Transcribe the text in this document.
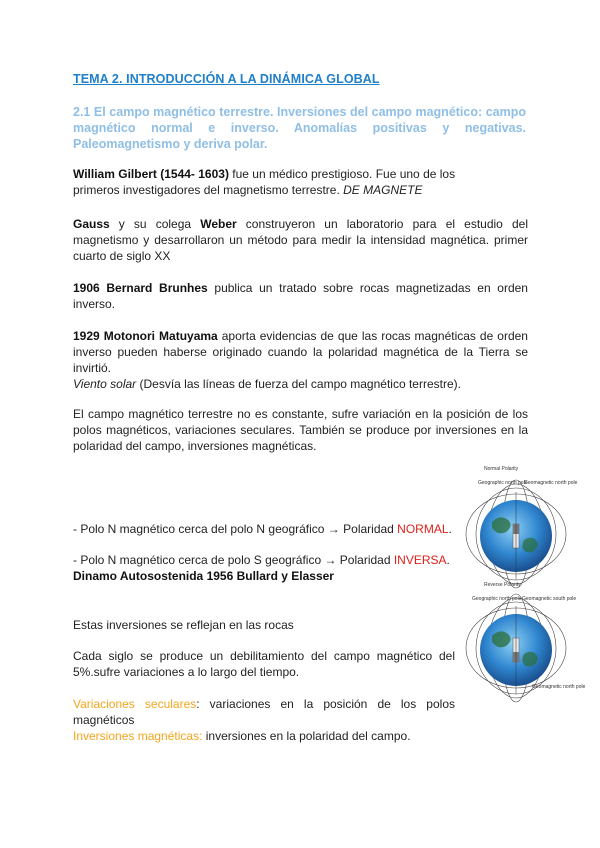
TEMA 2. INTRODUCCIÓN A LA DINÁMICA GLOBAL
2.1 El campo magnético terrestre. Inversiones del campo magnético: campo magnético normal e inverso. Anomalías positivas y negativas. Paleomagnetismo y deriva polar.
William Gilbert (1544- 1603) fue un médico prestigioso. Fue uno de los primeros investigadores del magnetismo terrestre. DE MAGNETE
Gauss y su colega Weber construyeron un laboratorio para el estudio del magnetismo y desarrollaron un método para medir la intensidad magnética. primer cuarto de siglo XX
1906 Bernard Brunhes publica un tratado sobre rocas magnetizadas en orden inverso.
1929 Motonori Matuyama aporta evidencias de que las rocas magnéticas de orden inverso pueden haberse originado cuando la polaridad magnética de la Tierra se invirtió.
Viento solar (Desvía las líneas de fuerza del campo magnético terrestre).
El campo magnético terrestre no es constante, sufre variación en la posición de los polos magnéticos, variaciones seculares. También se produce por inversiones en la polaridad del campo, inversiones magnéticas.
- Polo N magnético cerca del polo N geográfico → Polaridad NORMAL.
- Polo N magnético cerca de polo S geográfico → Polaridad INVERSA.
Dinamo Autosostenida 1956 Bullard y Elasser
Estas inversiones se reflejan en las rocas
Cada siglo se produce un debilitamiento del campo magnético del 5%.sufre variaciones a lo largo del tiempo.
Variaciones seculares: variaciones en la posición de los polos magnéticos
Inversiones magnéticas: inversiones en la polaridad del campo.
Normal Polarity
Geographic north pole
Geomagnetic north pole
Reverse Polarity
Geographic north pole Geomagnetic south pole
Geomagnetic north pole
